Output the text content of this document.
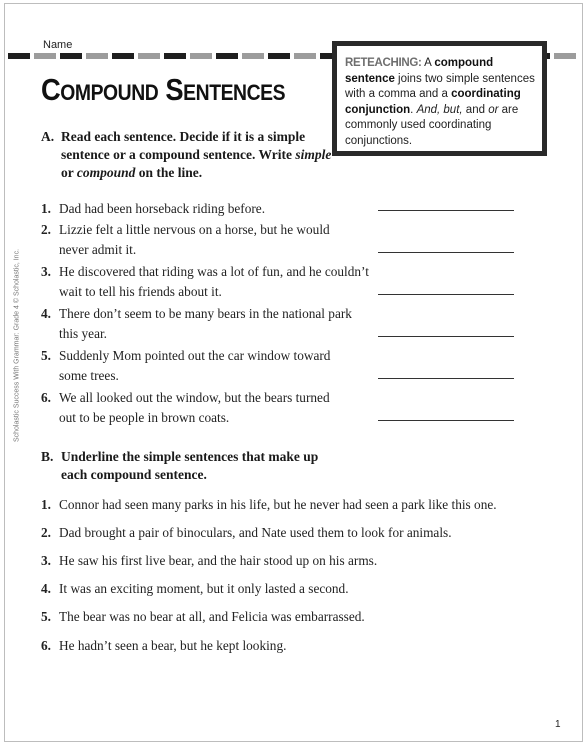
Name
Compound Sentences
RETEACHING: A compound sentence joins two simple sentences with a comma and a coordinating conjunction. And, but, and or are commonly used coordinating conjunctions.
A. Read each sentence. Decide if it is a simple sentence or a compound sentence. Write simple or compound on the line.
1. Dad had been horseback riding before.
2. Lizzie felt a little nervous on a horse, but he would
never admit it.
3. He discovered that riding was a lot of fun, and he couldn’t
wait to tell his friends about it.
4. There don’t seem to be many bears in the national park
this year.
5. Suddenly Mom pointed out the car window toward
some trees.
6. We all looked out the window, but the bears turned
out to be people in brown coats.
B. Underline the simple sentences that make up each compound sentence.
1. Connor had seen many parks in his life, but he never had seen a park like this one.
2. Dad brought a pair of binoculars, and Nate used them to look for animals.
3. He saw his first live bear, and the hair stood up on his arms.
4. It was an exciting moment, but it only lasted a second.
5. The bear was no bear at all, and Felicia was embarrassed.
6. He hadn’t seen a bear, but he kept looking.
Scholastic Success With Grammar: Grade 4 © Scholastic, Inc.
1
